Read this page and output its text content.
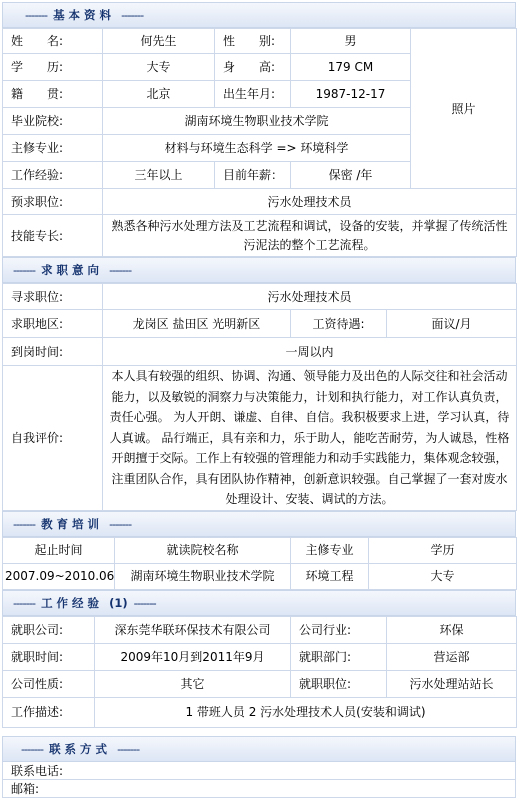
------- 基本资料 -------
姓　　名:	何先生	性　　别:	男	照片
学　　历:	大专	身　　高:	179 CM	
籍　　贯:	北京	出生年月:	1987-12-17	
毕业院校:	湖南环境生物职业技术学院			
主修专业:	材料与环境生态科学 => 环境科学			
工作经验:	三年以上	目前年薪：	保密 /年	
预求职位:	污水处理技术员			
技能专长:	熟悉各种污水处理方法及工艺流程和调试，设备的安装，并掌握了传统活性污泥法的整个工艺流程。			
------- 求职意向 -------
寻求职位:	污水处理技术员		
求职地区:	龙岗区 盐田区 光明新区	工资待遇:	面议/月
到岗时间:	一周以内		
自我评价:	本人具有较强的组织、协调、沟通、领导能力及出色的人际交往和社会活动能力，以及敏锐的洞察力与决策能力，计划和执行能力，对工作认真负责，责任心强。 为人开朗、谦虚、自律、自信。我积极要求上进，学习认真，待人真诚。 品行端正，具有亲和力，乐于助人，能吃苦耐劳，为人诚恳，性格开朗擅于交际。工作上有较强的管理能力和动手实践能力，集体观念较强，注重团队合作，具有团队协作精神，创新意识较强。自己掌握了一套对废水处理设计、安装、调试的方法。		
------- 教育培训 -------
起止时间	就读院校名称	主修专业	学历
2007.09~2010.06	湖南环境生物职业技术学院	环境工程	大专
------- 工作经验 (1) -------
就职公司:	深东莞华联环保技术有限公司	公司行业:	环保
就职时间:	2009年10月到2011年9月	就职部门:	营运部
公司性质:	其它	就职职位:	污水处理站站长
工作描述:	1 带班人员 2 污水处理技术人员(安装和调试)		
------- 联系方式 -------
联系电话:
邮箱:
